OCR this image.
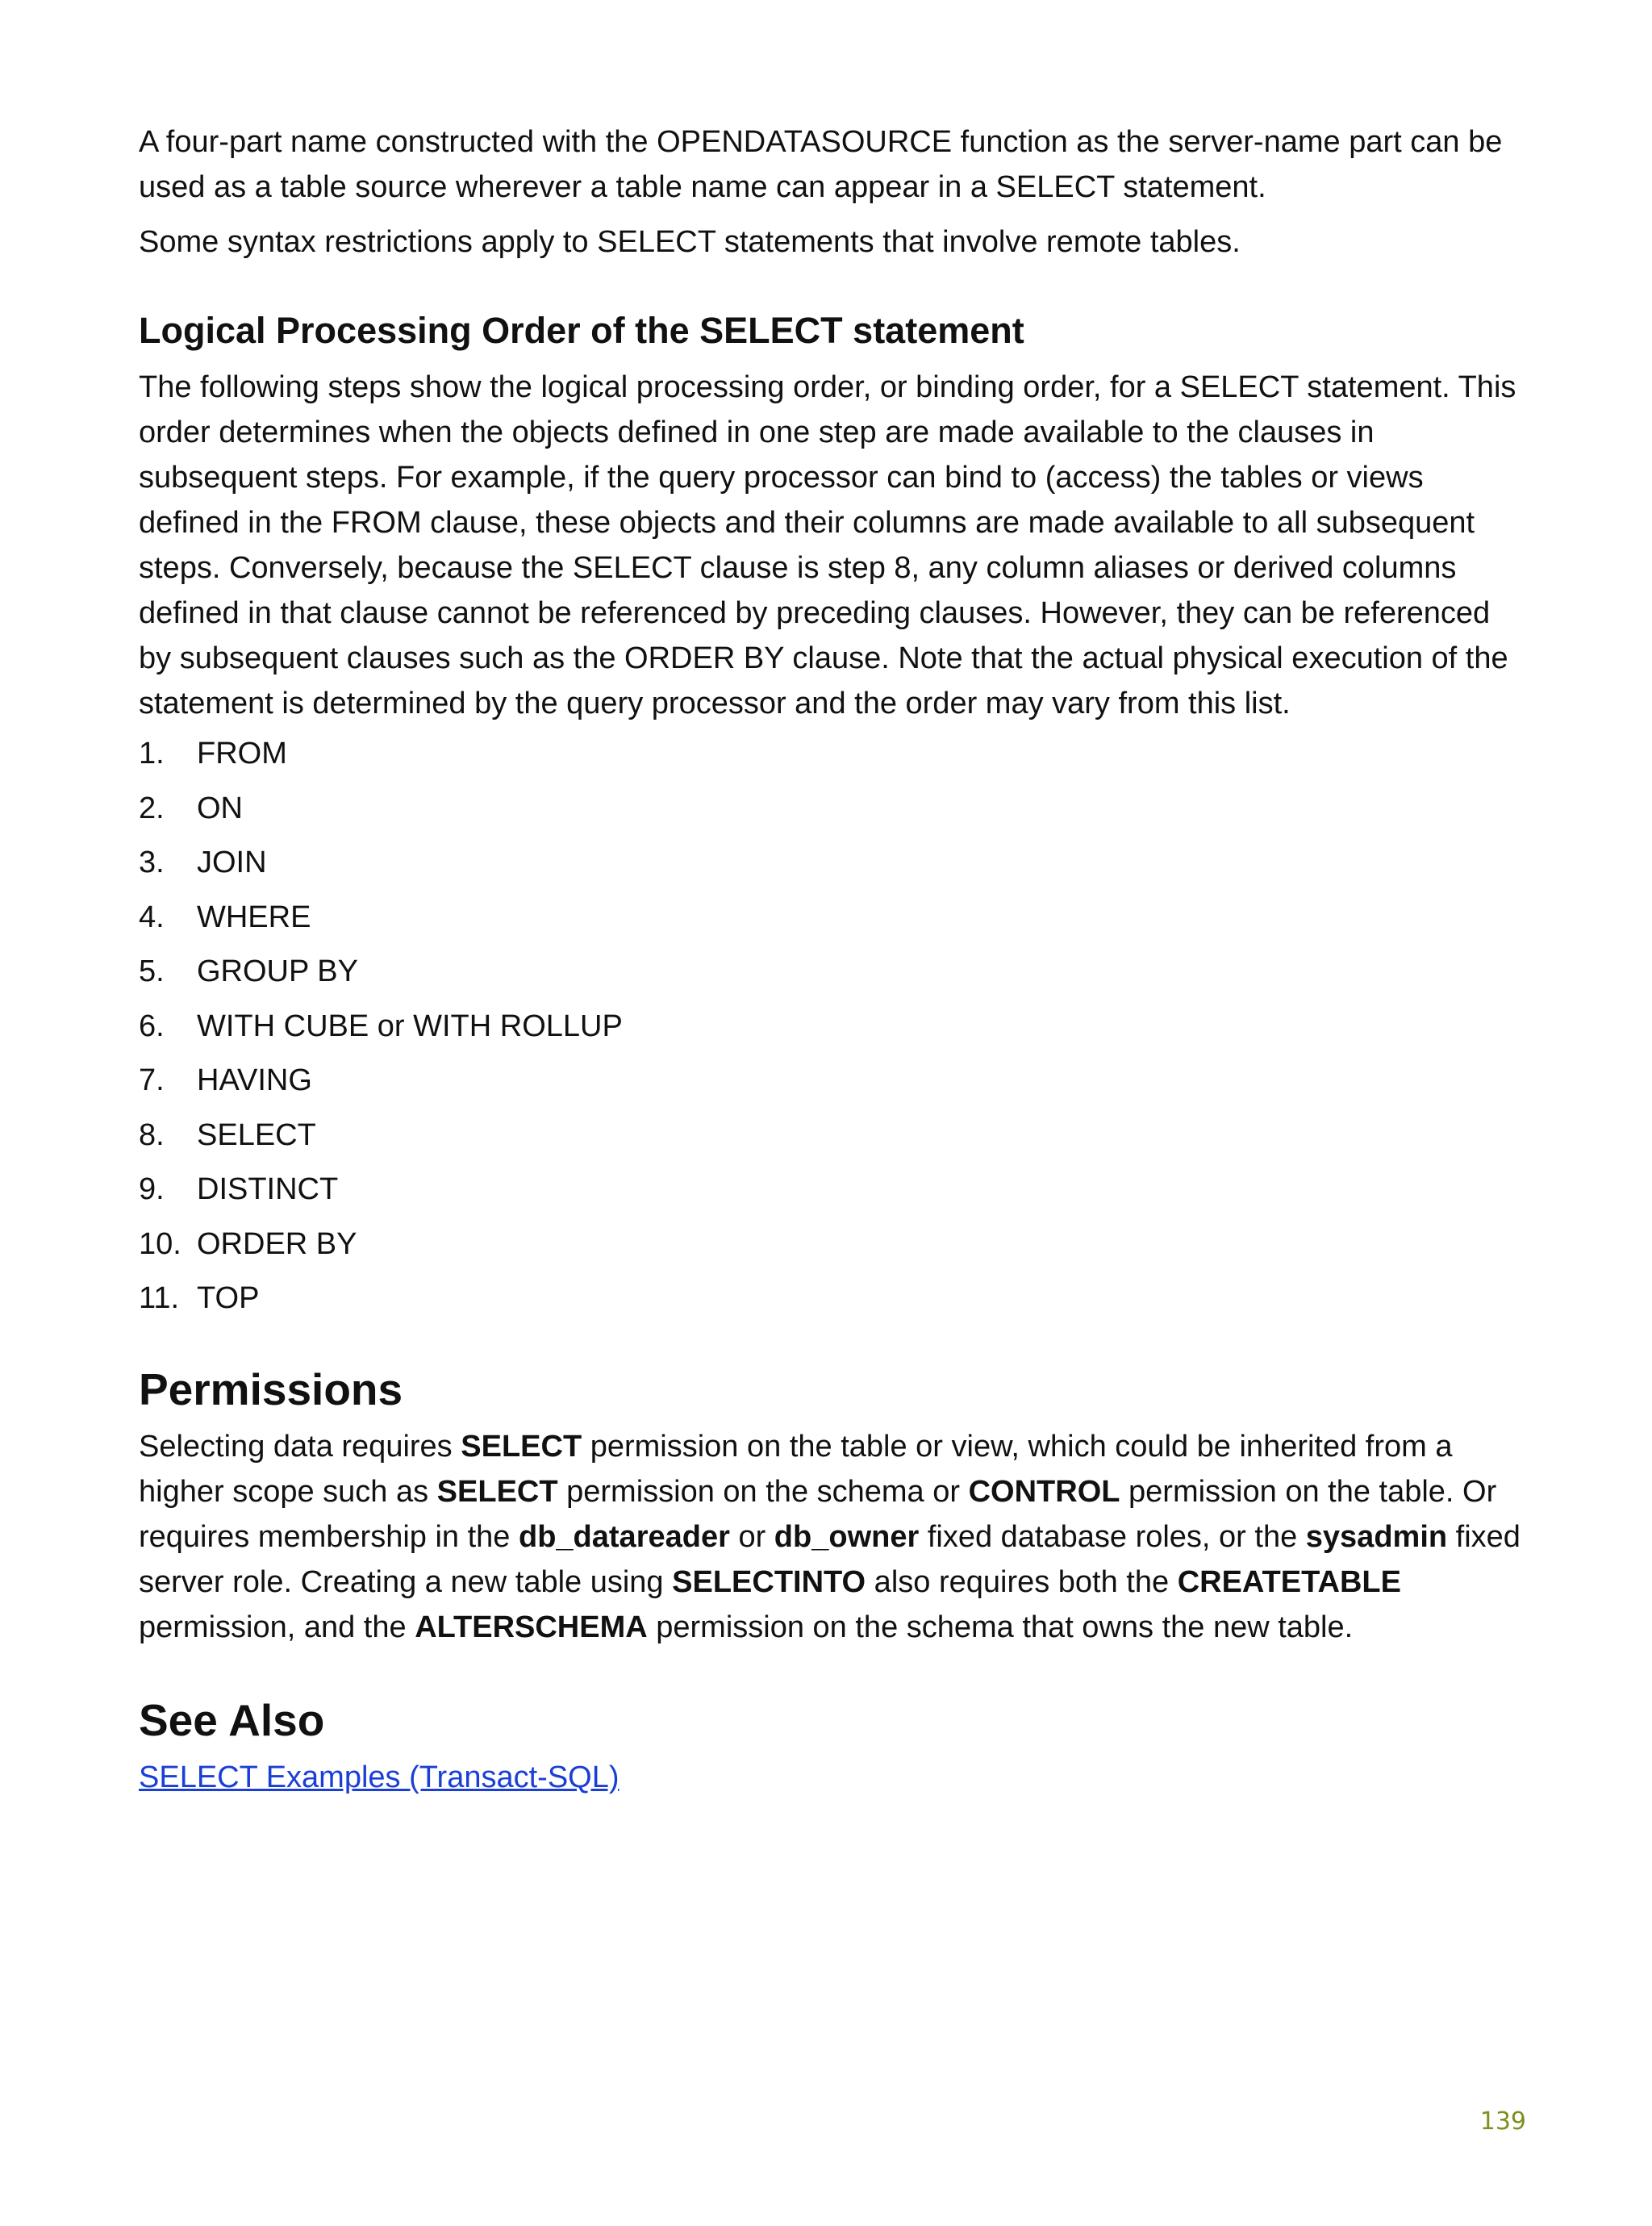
A four-part name constructed with the OPENDATASOURCE function as the server-name part can be used as a table source wherever a table name can appear in a SELECT statement.

Some syntax restrictions apply to SELECT statements that involve remote tables.

Logical Processing Order of the SELECT statement

The following steps show the logical processing order, or binding order, for a SELECT statement. This order determines when the objects defined in one step are made available to the clauses in subsequent steps. For example, if the query processor can bind to (access) the tables or views defined in the FROM clause, these objects and their columns are made available to all subsequent steps. Conversely, because the SELECT clause is step 8, any column aliases or derived columns defined in that clause cannot be referenced by preceding clauses. However, they can be referenced by subsequent clauses such as the ORDER BY clause. Note that the actual physical execution of the statement is determined by the query processor and the order may vary from this list.

1.	FROM
2.	ON
3.	JOIN
4.	WHERE
5.	GROUP BY
6.	WITH CUBE or WITH ROLLUP
7.	HAVING
8.	SELECT
9.	DISTINCT
10. ORDER BY
11. TOP
Permissions

Selecting data requires SELECT permission on the table or view, which could be inherited from a higher scope such as SELECT permission on the schema or CONTROL permission on the table. Or requires membership in the db_datareader or db_owner fixed database roles, or the sysadmin fixed server role. Creating a new table using SELECTINTO also requires both the CREATETABLE permission, and the ALTERSCHEMA permission on the schema that owns the new table.

See Also
SELECT Examples (Transact-SQL)
139
